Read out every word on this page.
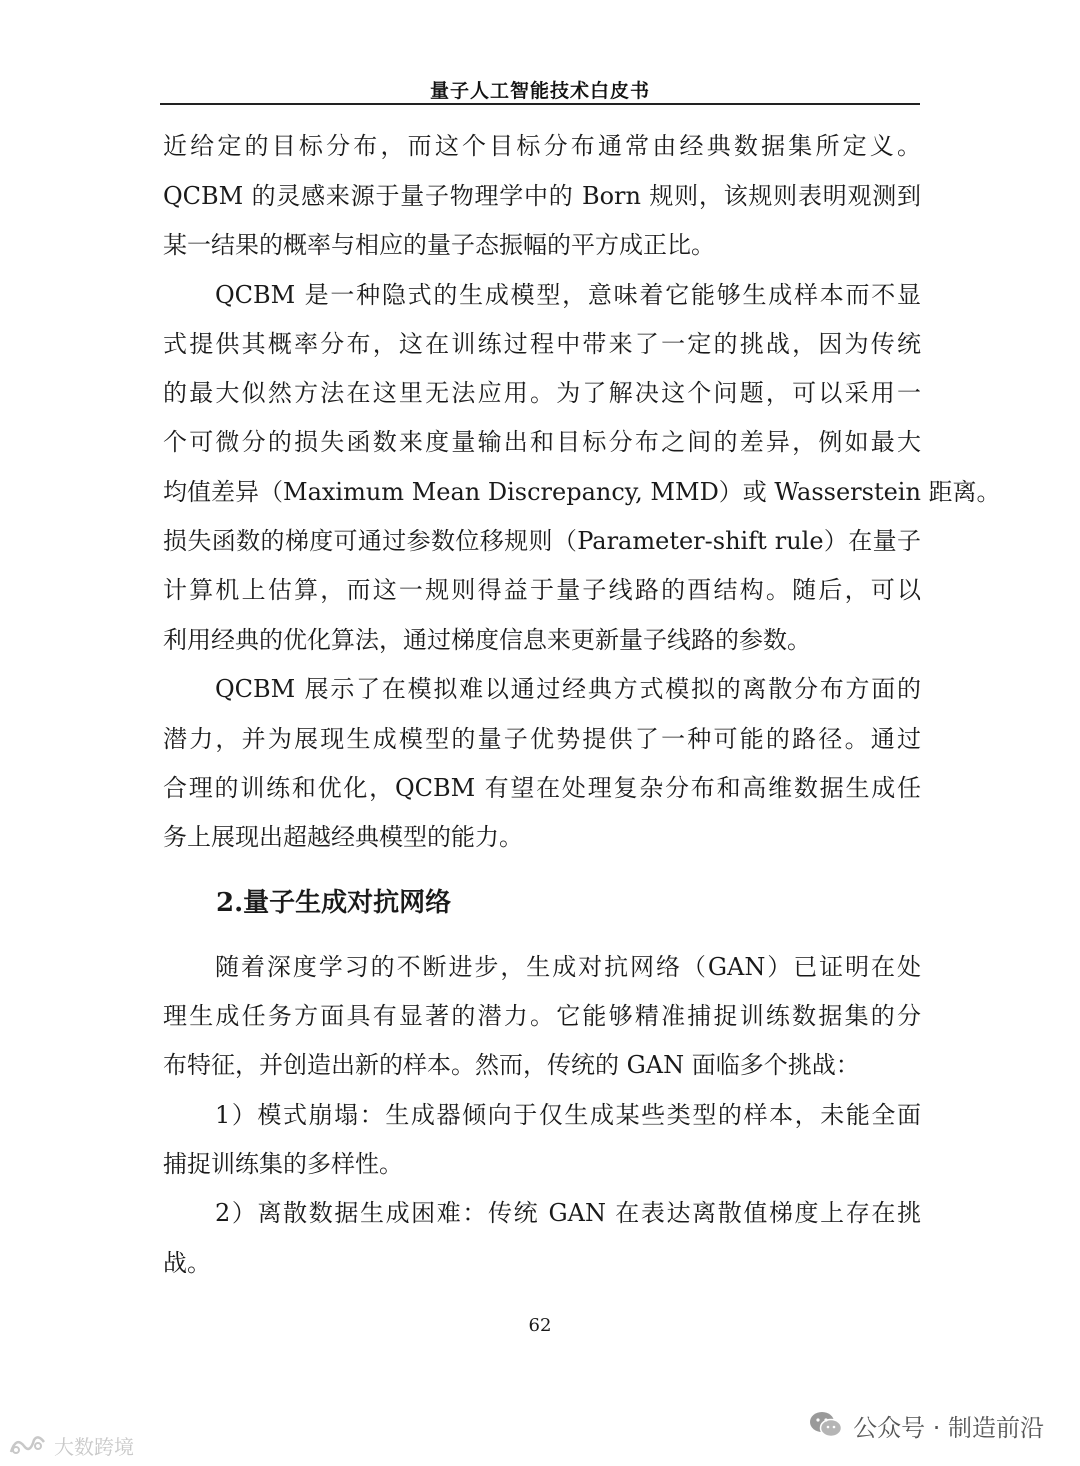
量子人工智能技术白皮书
近给定的目标分布，而这个目标分布通常由经典数据集所定义。
QCBM 的灵感来源于量子物理学中的 Born 规则，该规则表明观测到
某一结果的概率与相应的量子态振幅的平方成正比。
QCBM 是一种隐式的生成模型，意味着它能够生成样本而不显
式提供其概率分布，这在训练过程中带来了一定的挑战，因为传统
的最大似然方法在这里无法应用。为了解决这个问题，可以采用一
个可微分的损失函数来度量输出和目标分布之间的差异，例如最大
均值差异（Maximum Mean Discrepancy, MMD）或 Wasserstein 距离。
损失函数的梯度可通过参数位移规则（Parameter-shift rule）在量子
计算机上估算，而这一规则得益于量子线路的酉结构。随后，可以
利用经典的优化算法，通过梯度信息来更新量子线路的参数。
QCBM 展示了在模拟难以通过经典方式模拟的离散分布方面的
潜力，并为展现生成模型的量子优势提供了一种可能的路径。通过
合理的训练和优化，QCBM 有望在处理复杂分布和高维数据生成任
务上展现出超越经典模型的能力。
随着深度学习的不断进步，生成对抗网络（GAN）已证明在处
理生成任务方面具有显著的潜力。它能够精准捕捉训练数据集的分
布特征，并创造出新的样本。然而，传统的 GAN 面临多个挑战：
1）模式崩塌：生成器倾向于仅生成某些类型的样本，未能全面
捕捉训练集的多样性。
2）离散数据生成困难：传统 GAN 在表达离散值梯度上存在挑
战。
2.量子生成对抗网络
62
公众号 · 制造前沿
大数跨境
